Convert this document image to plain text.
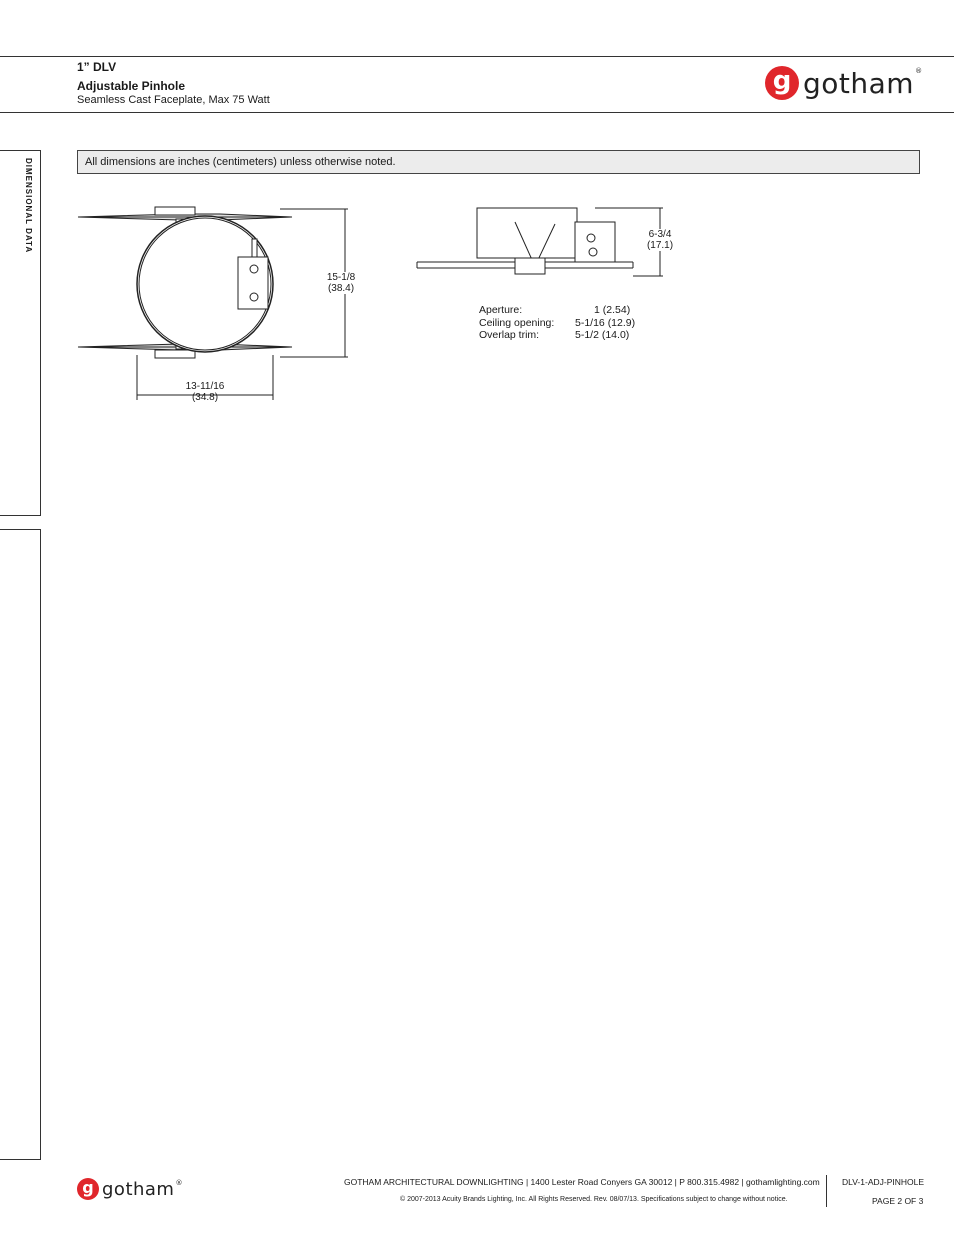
1” DLV
Adjustable Pinhole
Seamless Cast Faceplate, Max 75 Watt
g gotham®
DIMENSIONAL DATA	All dimensions are inches (centimeters) unless otherwise noted.
15-1/8
(38.4)
13-11/16
(34.8)
6-3/4
(17.1)
Aperture:	1 (2.54)
Ceiling opening:	5-1/16 (12.9)
Overlap trim:	5-1/2 (14.0)
g gotham®	GOTHAM ARCHITECTURAL DOWNLIGHTING | 1400 Lester Road Conyers GA 30012 | P 800.315.4982 | gothamlighting.com
© 2007-2013 Acuity Brands Lighting, Inc. All Rights Reserved. Rev. 08/07/13. Specifications subject to change without notice.
DLV-1-ADJ-PINHOLE
PAGE 2 OF 3
